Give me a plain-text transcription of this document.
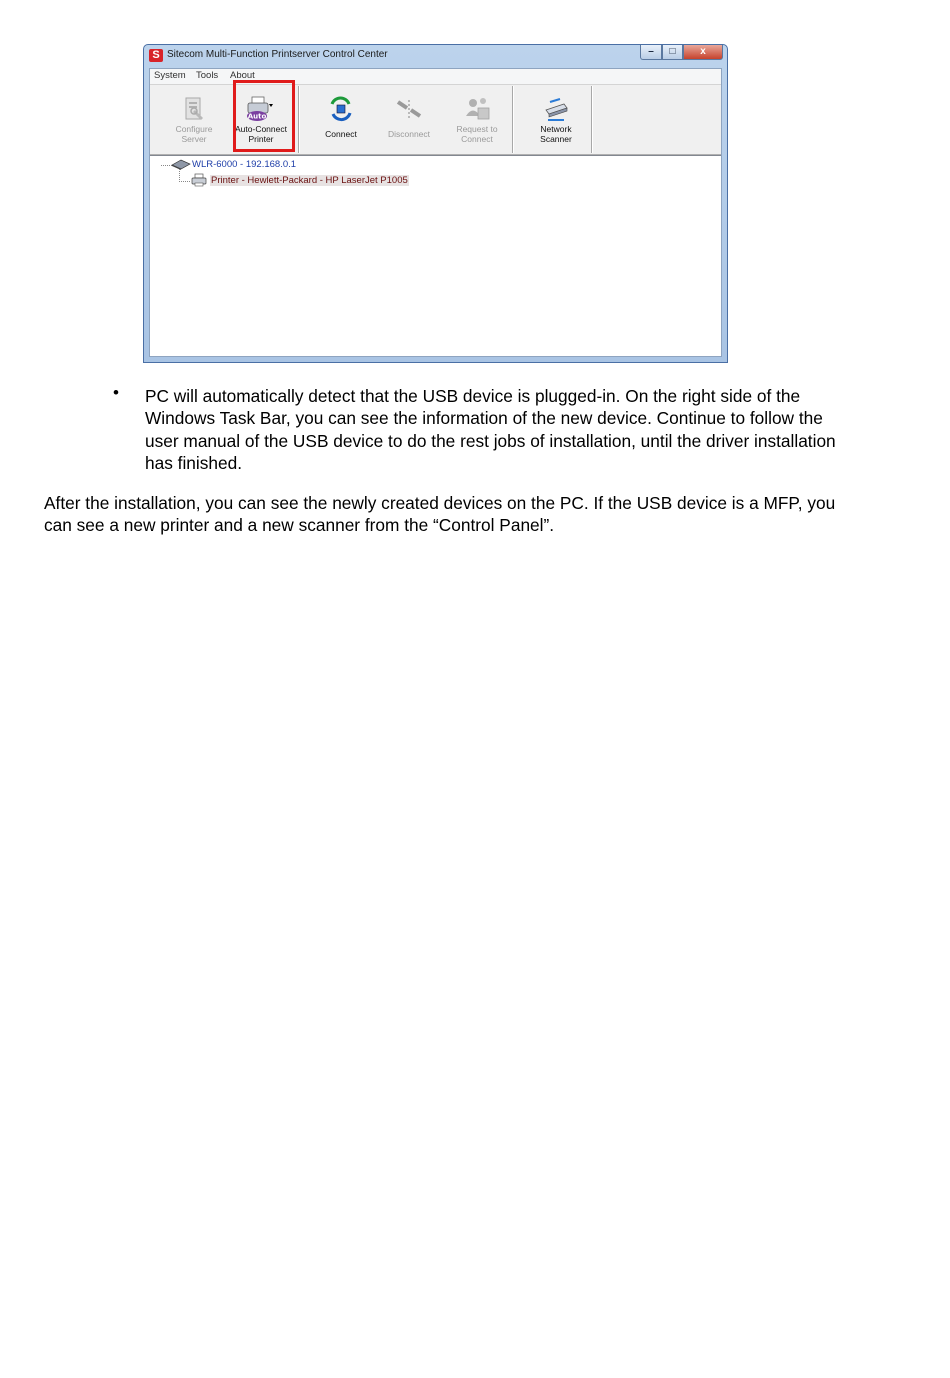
S Sitecom Multi-Function Printserver Control Center	–	□	x
System Tools About
Configure
Server
Auto
Auto-Connect
Printer	Connect	Disconnect	Request to
Connect
Network
Scanner
WLR-6000 - 192.168.0.1
Printer - Hewlett-Packard - HP LaserJet P1005
• PC will automatically detect that the USB device is plugged-in. On the right side of the Windows Task Bar, you can see the information of the new device. Continue to follow the user manual of the USB device to do the rest jobs of installation, until the driver installation has finished.
After the installation, you can see the newly created devices on the PC. If the USB device is a MFP, you can see a new printer and a new scanner from the “Control Panel”.
